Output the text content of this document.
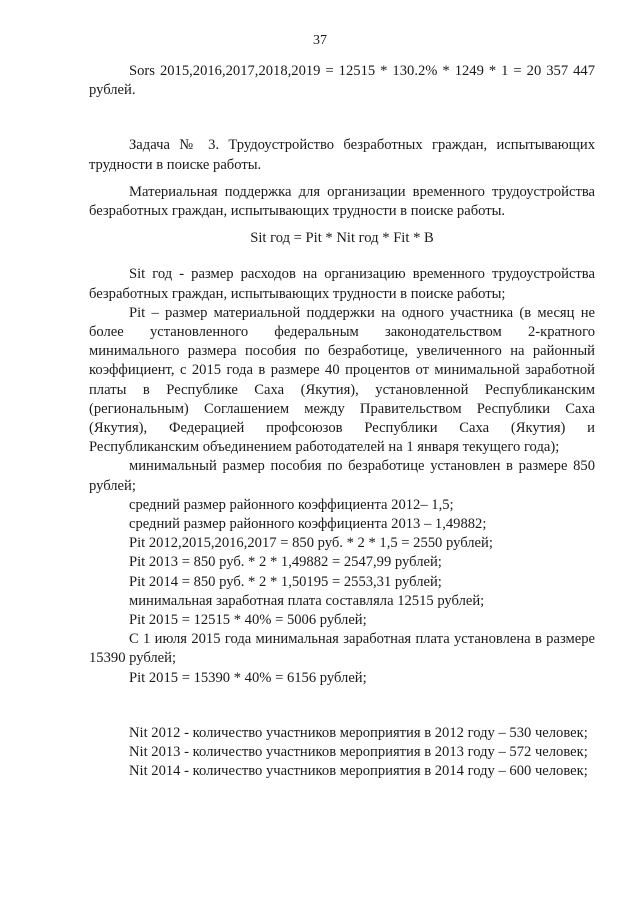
37

Sors 2015,2016,2017,2018,2019 = 12515 * 130.2% * 1249 * 1 = 20 357 447 рублей.

Задача № 3. Трудоустройство безработных граждан, испытывающих трудности в поиске работы.

Материальная поддержка для организации временного трудоустройства безработных граждан, испытывающих трудности в поиске работы.

Sit год = Pit * Nit год * Fit * B

Sit год - размер расходов на организацию временного трудоустройства безработных граждан, испытывающих трудности в поиске работы;

Pit – размер материальной поддержки на одного участника (в месяц не более установленного федеральным законодательством 2-кратного минимального размера пособия по безработице, увеличенного на районный коэффициент, с 2015 года в размере 40 процентов от минимальной заработной платы в Республике Саха (Якутия), установленной Республиканским (региональным) Соглашением между Правительством Республики Саха (Якутия), Федерацией профсоюзов Республики Саха (Якутия) и Республиканским объединением работодателей на 1 января текущего года);

минимальный размер пособия по безработице установлен в размере 850 рублей;

средний размер районного коэффициента 2012– 1,5;

средний размер районного коэффициента 2013 – 1,49882;

Pit 2012,2015,2016,2017 = 850 руб. * 2 * 1,5 = 2550 рублей;

Pit 2013 = 850 руб. * 2 * 1,49882 = 2547,99 рублей;

Pit 2014 = 850 руб. * 2 * 1,50195 = 2553,31 рублей;

минимальная заработная плата составляла 12515 рублей;

Pit 2015 = 12515 * 40% = 5006 рублей;

С 1 июля 2015 года минимальная заработная плата установлена в размере 15390 рублей;

Pit 2015 = 15390 * 40% = 6156 рублей;

Nit 2012 - количество участников мероприятия в 2012 году – 530 человек;

Nit 2013 - количество участников мероприятия в 2013 году – 572 человек;

Nit 2014 - количество участников мероприятия в 2014 году – 600 человек;
